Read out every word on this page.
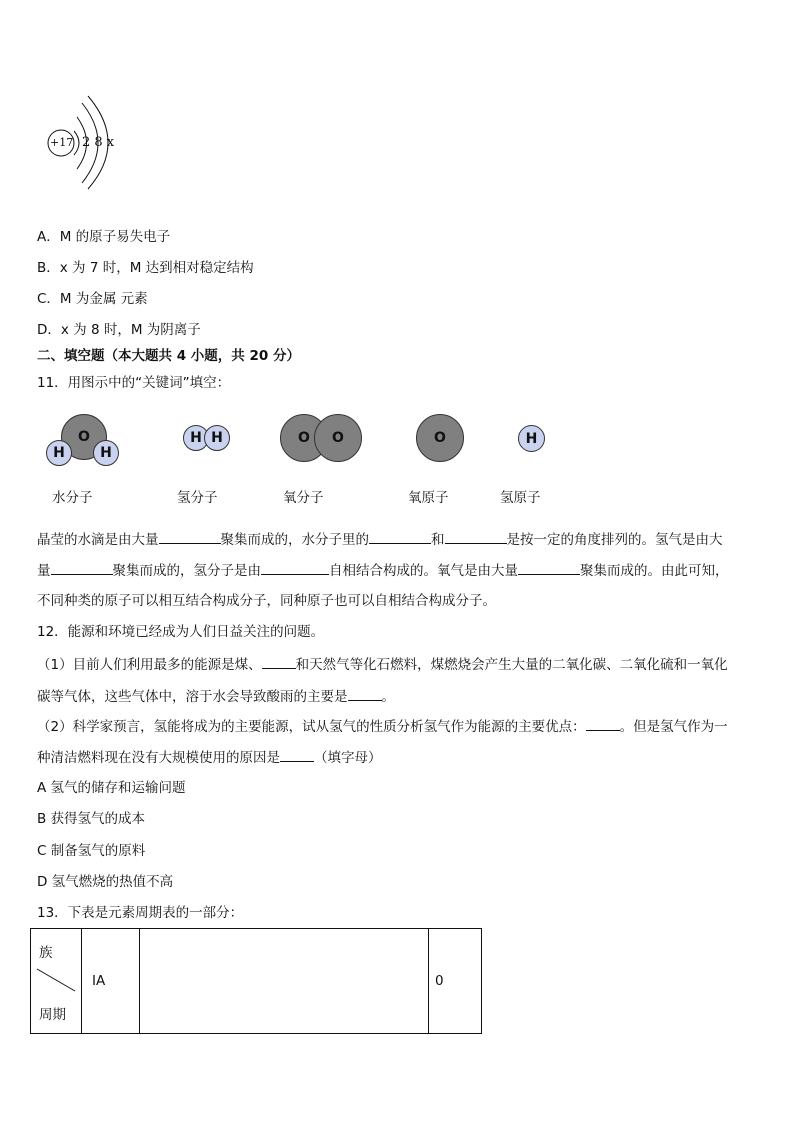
+17 2 8 x
A．M 的原子易失电子
B．x 为 7 时，M 达到相对稳定结构
C．M 为金属 元素
D．x 为 8 时，M 为阴离子
二、填空题（本大题共 4 小题，共 20 分）
11．用图示中的“关键词”填空：
O
H	H
H H	O	O	O	H
水分子	氢分子	氧分子	氧原子	氢原子
晶莹的水滴是由大量	聚集而成的，水分子里的	和	是按一定的角度排列的。氢气是由大
量	聚集而成的，氢分子是由	自相结合构成的。氧气是由大量	聚集而成的。由此可知，
不同种类的原子可以相互结合构成分子，同种原子也可以自相结合构成分子。
12．能源和环境已经成为人们日益关注的问题。
（1）目前人们利用最多的能源是煤、	和天然气等化石燃料，煤燃烧会产生大量的二氧化碳、二氧化硫和一氧化
碳等气体，这些气体中，溶于水会导致酸雨的主要是	。
（2）科学家预言，氢能将成为的主要能源，试从氢气的性质分析氢气作为能源的主要优点：	。但是氢气作为一
种清洁燃料现在没有大规模使用的原因是	（填字母）
A 氢气的储存和运输问题
B 获得氢气的成本
C 制备氢气的原料
D 氢气燃烧的热值不高
13．下表是元素周期表的一部分：
族
周期
	IA		0
